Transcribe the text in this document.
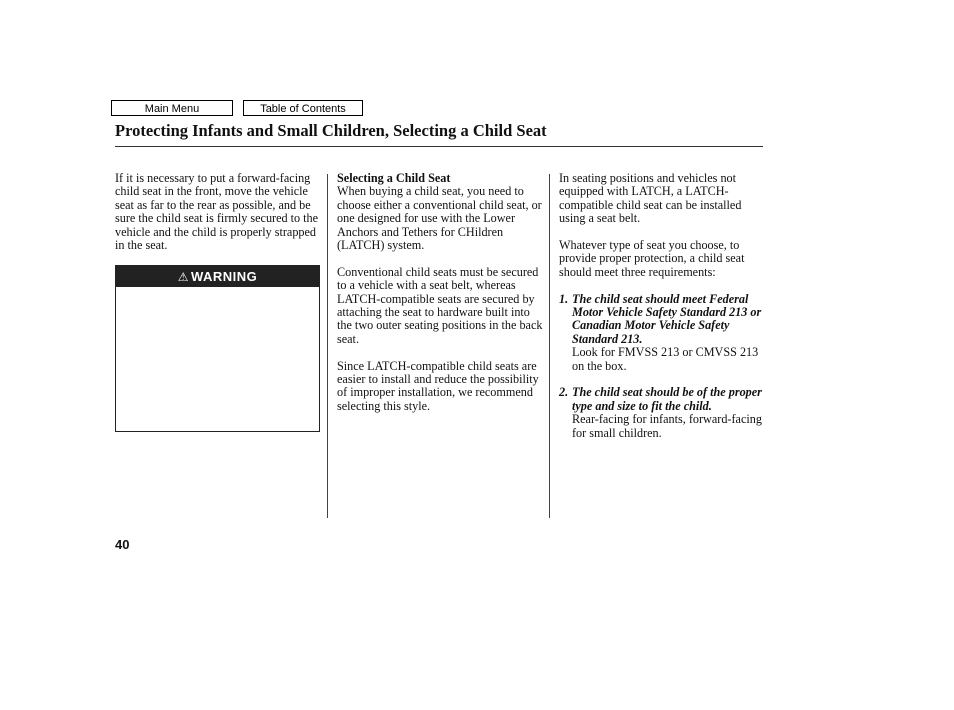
Main Menu	Table of Contents
Protecting Infants and Small Children, Selecting a Child Seat

If it is necessary to put a forward-facing child seat in the front, move the vehicle seat as far to the rear as possible, and be sure the child seat is firmly secured to the vehicle and the child is properly strapped in the seat.

⚠ WARNING
Selecting a Child Seat

When buying a child seat, you need to choose either a conventional child seat, or one designed for use with the Lower Anchors and Tethers for CHildren (LATCH) system.

Conventional child seats must be secured to a vehicle with a seat belt, whereas LATCH-compatible seats are secured by attaching the seat to hardware built into the two outer seating positions in the back seat.

Since LATCH-compatible child seats are easier to install and reduce the possibility of improper installation, we recommend selecting this style.

In seating positions and vehicles not equipped with LATCH, a LATCH-compatible child seat can be installed using a seat belt.

Whatever type of seat you choose, to provide proper protection, a child seat should meet three requirements:

1. The child seat should meet Federal Motor Vehicle Safety Standard 213 or Canadian Motor Vehicle Safety Standard 213.
Look for FMVSS 213 or CMVSS 213 on the box.
2. The child seat should be of the proper type and size to fit the child.
Rear-facing for infants, forward-facing for small children.
40
